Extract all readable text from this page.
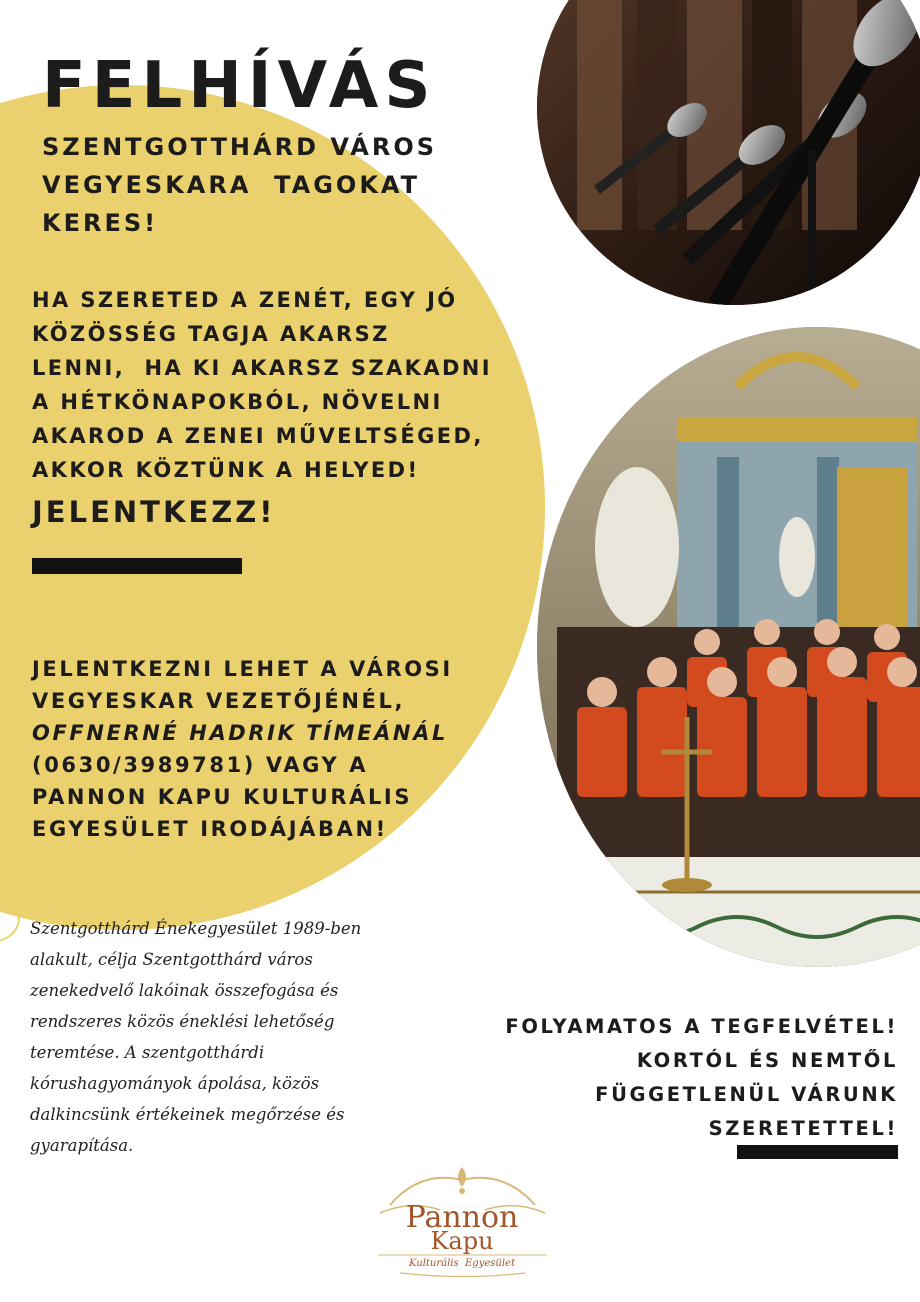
FELHÍVÁS
SZENTGOTTHÁRD VÁROS
VEGYESKARA  TAGOKAT
KERES!
HA SZERETED A ZENÉT, EGY JÓ
KÖZÖSSÉG TAGJA AKARSZ
LENNI,  HA KI AKARSZ SZAKADNI
A HÉTKÖNAPOKBÓL, NÖVELNI
AKAROD A ZENEI MŰVELTSÉGED,
AKKOR KÖZTÜNK A HELYED!
JELENTKEZZ!
JELENTKEZNI LEHET A VÁROSI
VEGYESKAR VEZETŐJÉNÉL,
OFFNERNÉ HADRIK TÍMEÁNÁL
(0630/3989781) VAGY A
PANNON KAPU KULTURÁLIS
EGYESÜLET IRODÁJÁBAN!
Szentgotthárd Énekegyesület 1989-ben
alakult, célja Szentgotthárd város
zenekedvelő lakóinak összefogása és
rendszeres közös éneklési lehetőség
teremtése. A szentgotthárdi
kórushagyományok ápolása, közös
dalkincsünk értékeinek megőrzése és
gyarapítása.
FOLYAMATOS A TEGFELVÉTEL!
KORTÓL ÉS NEMTŐL
FÜGGETLENÜL VÁRUNK
SZERETETTEL!
Pannon
Kapu
Kulturális  Egyesület
